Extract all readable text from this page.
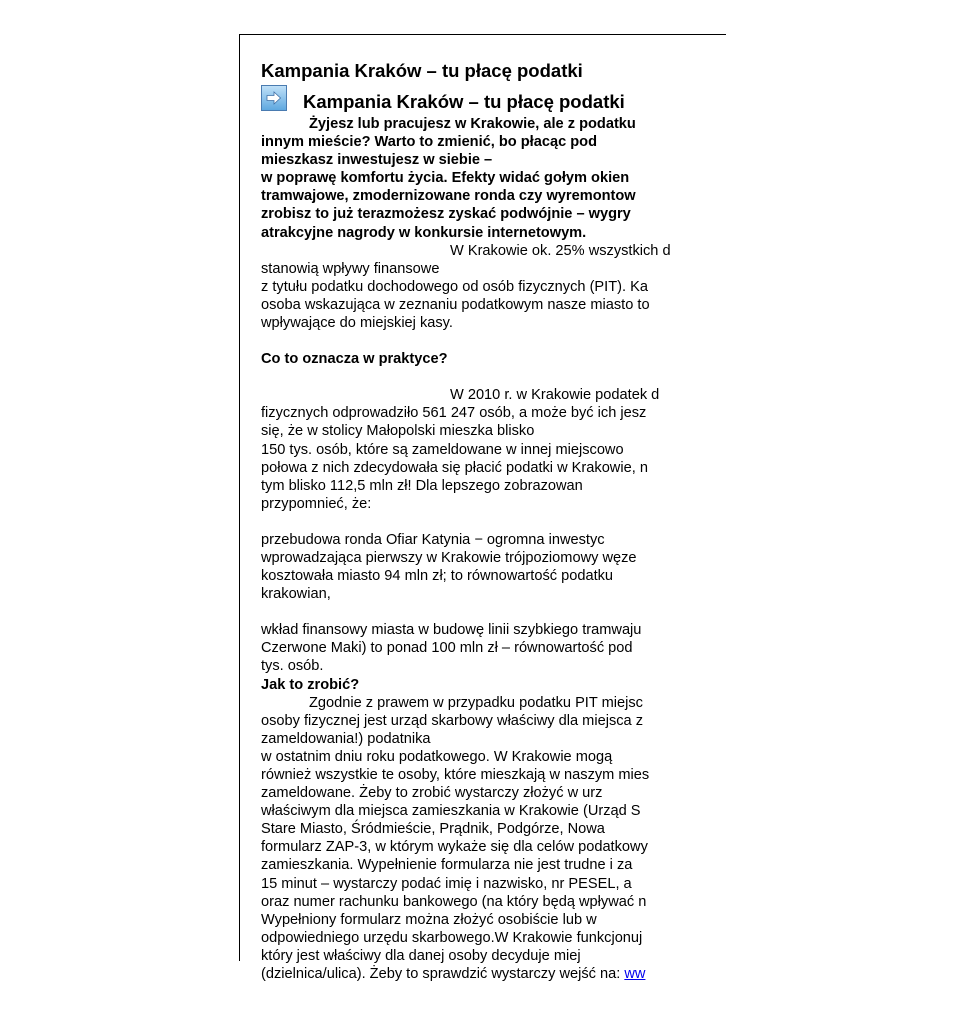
Kampania Kraków – tu płacę podatki
Kampania Kraków – tu płacę podatki
Żyjesz lub pracujesz w Krakowie, ale z podatku
innym mieście? Warto to zmienić, bo płacąc pod
mieszkasz inwestujesz w siebie –
w poprawę komfortu życia. Efekty widać gołym okien
tramwajowe, zmodernizowane ronda czy wyremontow
zrobisz to już terazmożesz zyskać podwójnie – wygry
atrakcyjne nagrody w konkursie internetowym.
W Krakowie ok. 25% wszystkich d
stanowią wpływy finansowe
z tytułu podatku dochodowego od osób fizycznych (PIT). Ka
osoba wskazująca w zeznaniu podatkowym nasze miasto to
wpływające do miejskiej kasy.
Co to oznacza w praktyce?
W 2010 r. w Krakowie podatek d
fizycznych odprowadziło 561 247 osób, a może być ich jesz
się, że w stolicy Małopolski mieszka blisko
150 tys. osób, które są zameldowane w innej miejscowo
połowa z nich zdecydowała się płacić podatki w Krakowie, n
tym blisko 112,5 mln zł! Dla lepszego zobrazowan
przypomnieć, że:
przebudowa ronda Ofiar Katynia − ogromna inwestyc
wprowadzająca pierwszy w Krakowie trójpoziomowy węze
kosztowała miasto 94 mln zł; to równowartość podatku
krakowian,
wkład finansowy miasta w budowę linii szybkiego tramwaju
Czerwone Maki) to ponad 100 mln zł – równowartość pod
tys. osób.
Jak to zrobić?
Zgodnie z prawem w przypadku podatku PIT miejsc
osoby fizycznej jest urząd skarbowy właściwy dla miejsca z
zameldowania!) podatnika
w ostatnim dniu roku podatkowego. W Krakowie mogą
również wszystkie te osoby, które mieszkają w naszym mies
zameldowane. Żeby to zrobić wystarczy złożyć w urz
właściwym dla miejsca zamieszkania w Krakowie (Urząd S
Stare Miasto, Śródmieście, Prądnik, Podgórze, Nowa
formularz ZAP-3, w którym wykaże się dla celów podatkowy
zamieszkania. Wypełnienie formularza nie jest trudne i za
15 minut – wystarczy podać imię i nazwisko, nr PESEL, a
oraz numer rachunku bankowego (na który będą wpływać n
Wypełniony formularz można złożyć osobiście lub w
odpowiedniego urzędu skarbowego.W Krakowie funkcjonuj
który jest właściwy dla danej osoby decyduje miej
(dzielnica/ulica). Żeby to sprawdzić wystarczy wejść na: ww
